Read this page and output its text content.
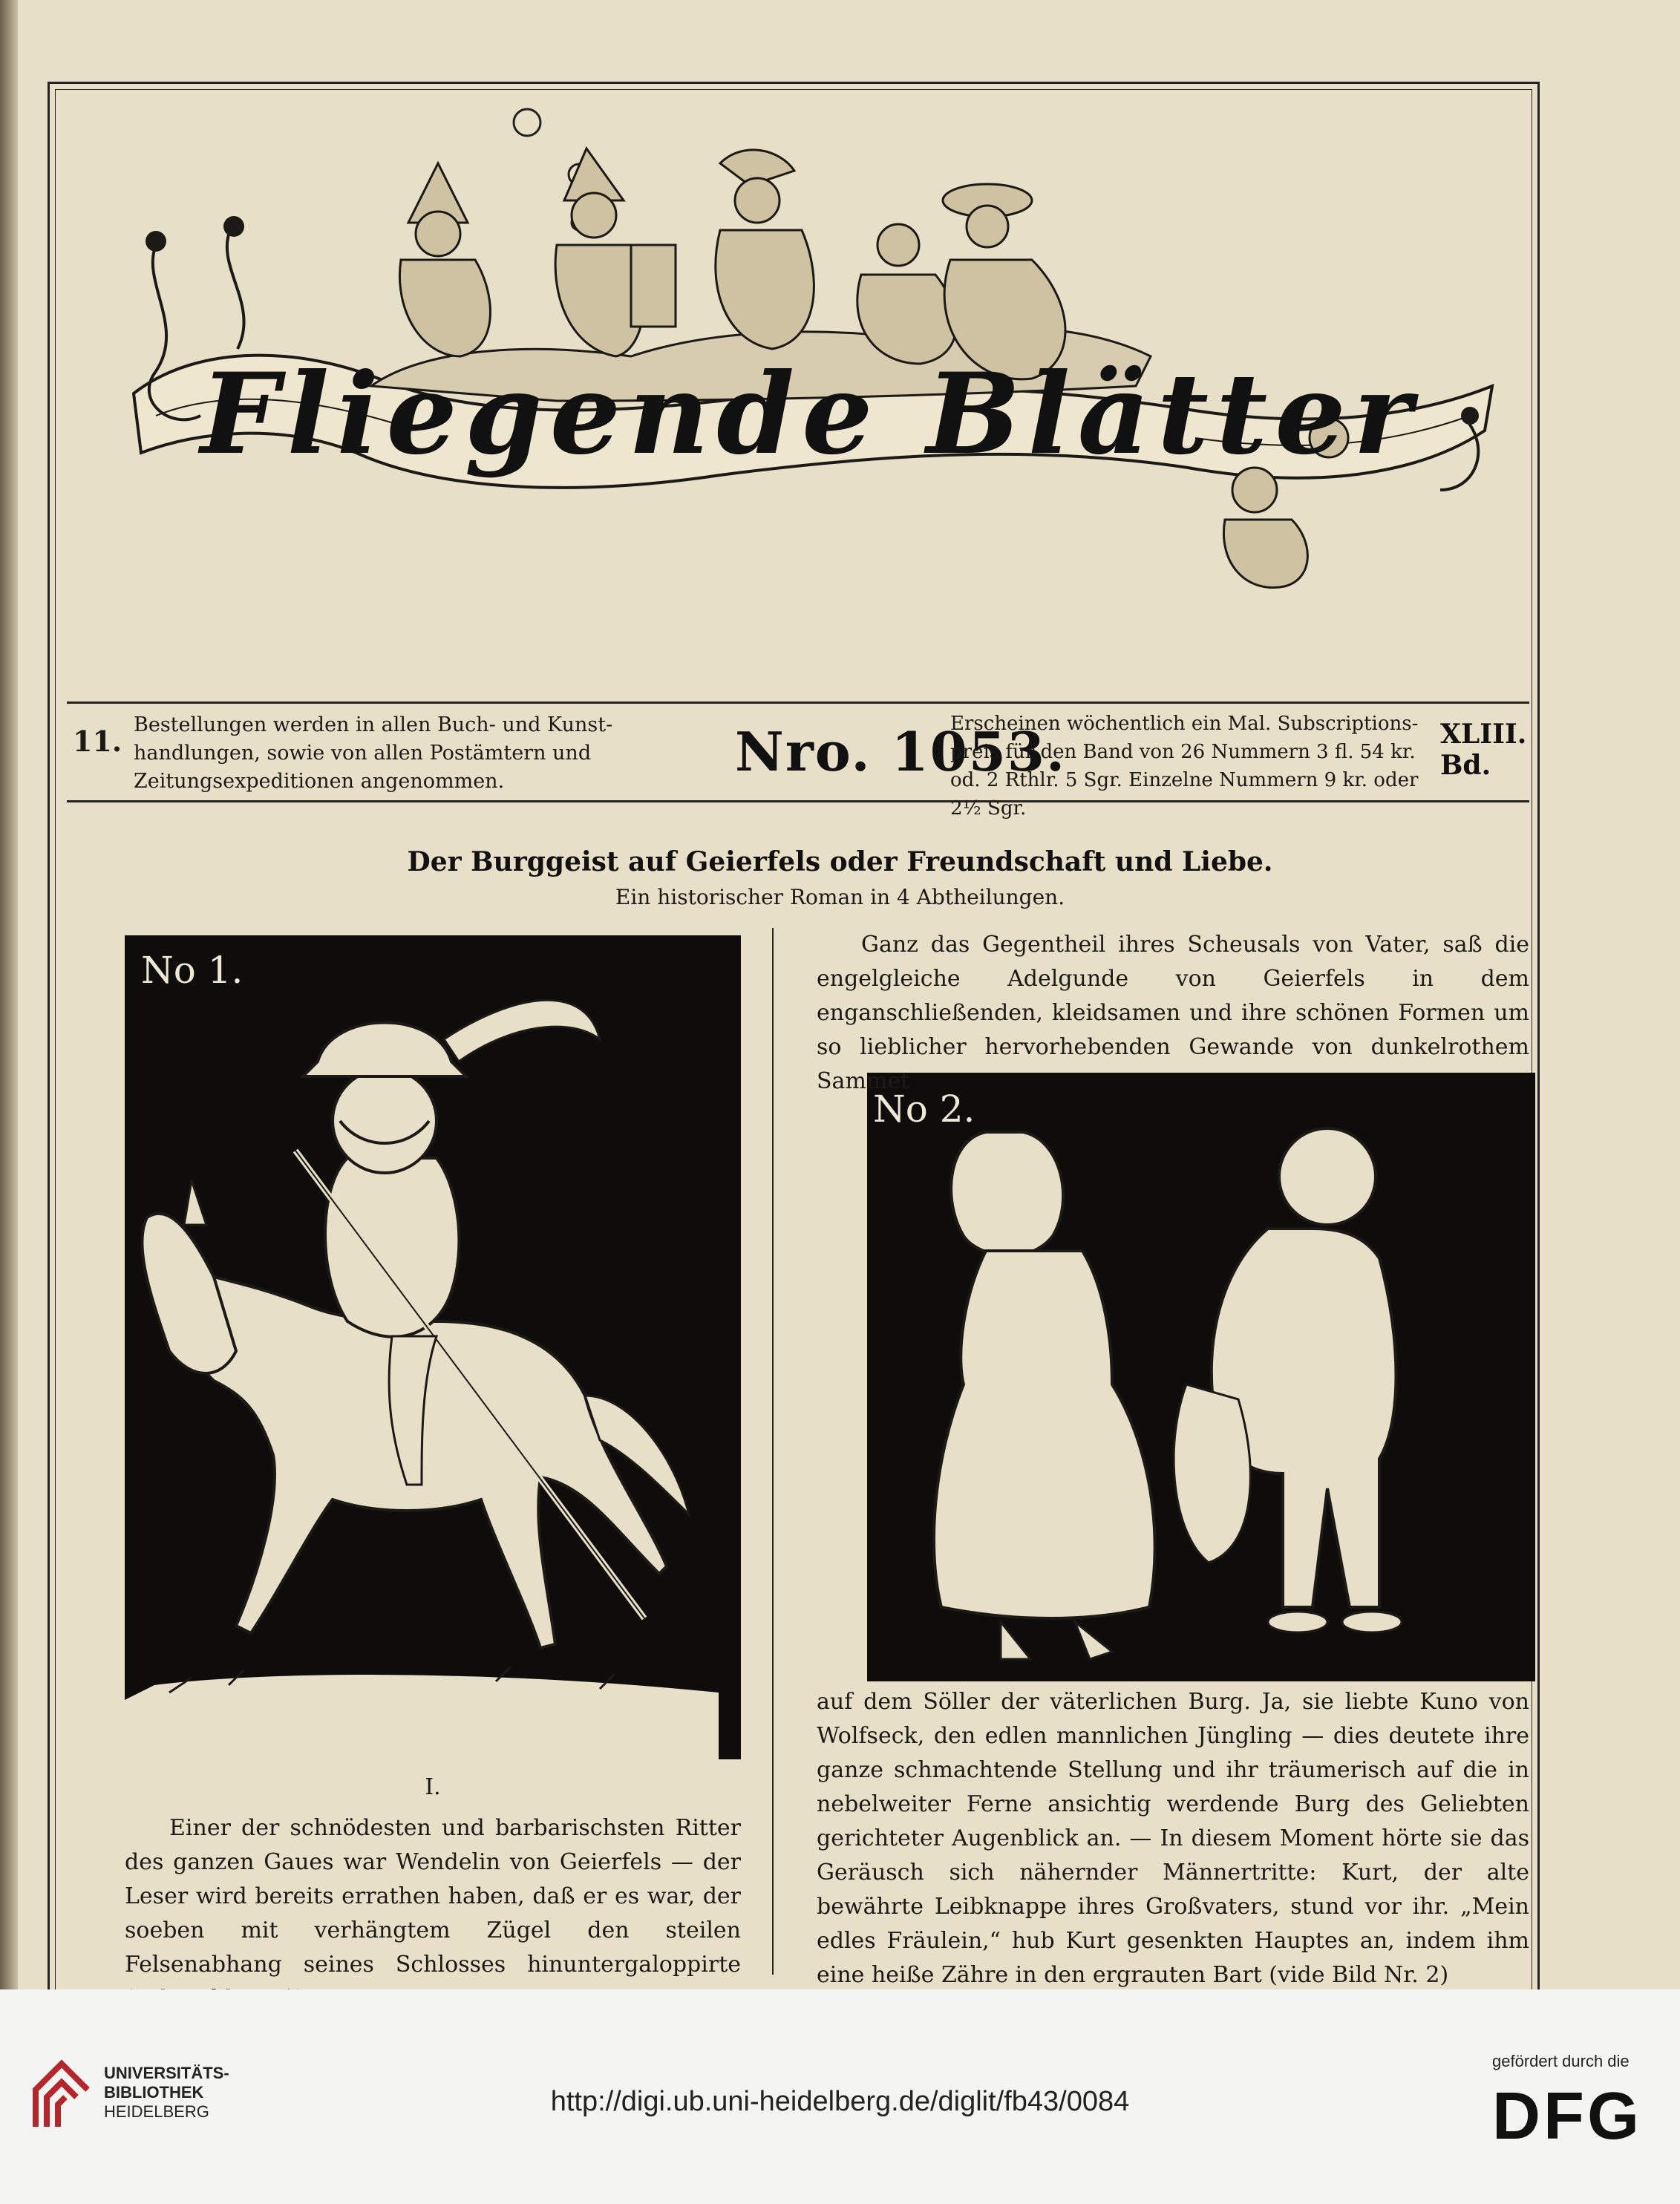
Fliegende Blätter
11. Bestellungen werden in allen Buch- und Kunst-
handlungen, sowie von allen Postämtern und
Zeitungsexpeditionen angenommen.	Nro. 1053.
Erscheinen wöchentlich ein Mal. Subscriptions-
preis für den Band von 26 Nummern 3 fl. 54 kr.
od. 2 Rthlr. 5 Sgr. Einzelne Nummern 9 kr. oder 2½ Sgr.
XLIII. Bd.
Der Burggeist auf Geierfels oder Freundschaft und Liebe.
Ein historischer Roman in 4 Abtheilungen.
No 1.
No 2.
I.

Einer der schnödesten und barbarischsten Ritter des ganzen Gaues war Wendelin von Geierfels — der Leser wird bereits errathen haben, daß er es war, der soeben mit verhängtem Zügel den steilen Felsenabhang seines Schlosses hinuntergaloppirte

Ganz das Gegentheil ihres Scheusals von Vater, saß die engelgleiche Adelgunde von Geierfels in dem enganschließenden, kleidsamen und ihre schönen Formen um so lieblicher hervorhebenden Gewande von dunkelrothem Sammet

auf dem Söller der väterlichen Burg. Ja, sie liebte Kuno von Wolfseck, den edlen mannlichen Jüngling — dies deutete ihre ganze schmachtende Stellung und ihr träumerisch auf die in nebelweiter Ferne ansichtig werdende Burg des Geliebten gerichteter Augenblick an. — In diesem Moment hörte sie das Geräusch sich nähernder Männertritte: Kurt, der alte bewährte Leibknappe ihres Großvaters, stund vor ihr. „Mein edles Fräulein,“ hub Kurt gesenkten Hauptes an, indem ihm eine heiße Zähre in den ergrauten Bart (vide Bild Nr. 2)

UNIVERSITÄTS-
BIBLIOTHEK
HEIDELBERG	http://digi.ub.uni-heidelberg.de/diglit/fb43/0084
gefördert durch die
DFG
